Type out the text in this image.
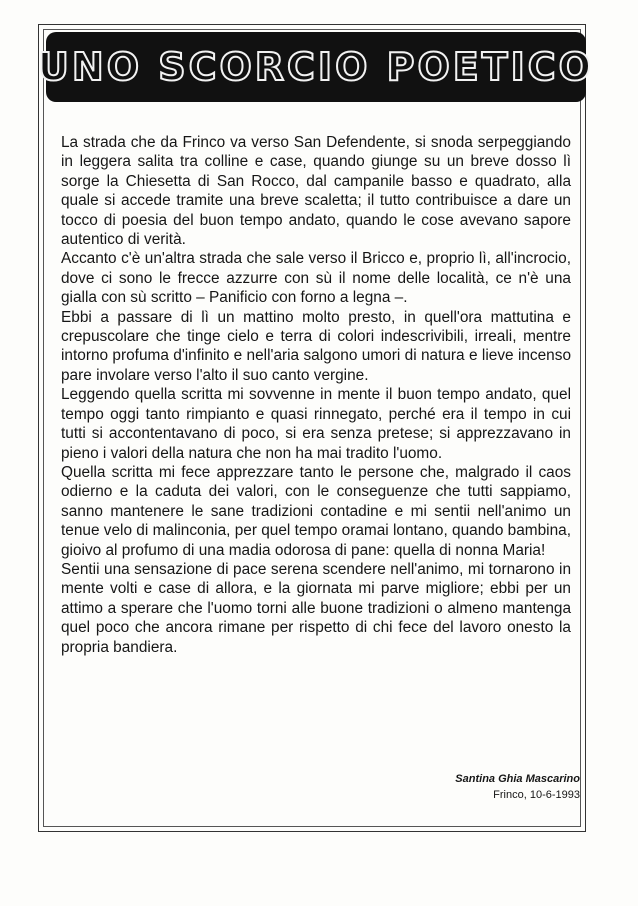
UNO SCORCIO POETICO

La strada che da Frinco va verso San Defendente, si snoda serpeggiando in leggera salita tra colline e case, quando giunge su un breve dosso lì sorge la Chiesetta di San Rocco, dal campanile basso e quadrato, alla quale si accede tramite una breve scaletta; il tutto contribuisce a dare un tocco di poesia del buon tempo andato, quando le cose avevano sapore autentico di verità.

Accanto c'è un'altra strada che sale verso il Bricco e, proprio lì, all'incrocio, dove ci sono le frecce azzurre con sù il nome delle località, ce n'è una gialla con sù scritto – Panificio con forno a legna –.

Ebbi a passare di lì un mattino molto presto, in quell'ora mattutina e crepuscolare che tinge cielo e terra di colori indescrivibili, irreali, mentre intorno profuma d'infinito e nell'aria salgono umori di natura e lieve incenso pare involare verso l'alto il suo canto vergine.

Leggendo quella scritta mi sovvenne in mente il buon tempo andato, quel tempo oggi tanto rimpianto e quasi rinnegato, perché era il tempo in cui tutti si accontentavano di poco, si era senza pretese; si apprezzavano in pieno i valori della natura che non ha mai tradito l'uomo.

Quella scritta mi fece apprezzare tanto le persone che, malgrado il caos odierno e la caduta dei valori, con le conseguenze che tutti sappiamo, sanno mantenere le sane tradizioni contadine e mi sentii nell'animo un tenue velo di malinconia, per quel tempo oramai lontano, quando bambina, gioivo al profumo di una madia odorosa di pane: quella di nonna Maria!

Sentii una sensazione di pace serena scendere nell'animo, mi tornarono in mente volti e case di allora, e la giornata mi parve migliore; ebbi per un attimo a sperare che l'uomo torni alle buone tradizioni o almeno mantenga quel poco che ancora rimane per rispetto di chi fece del lavoro onesto la propria bandiera.

Santina Ghia Mascarino
Frinco, 10-6-1993
